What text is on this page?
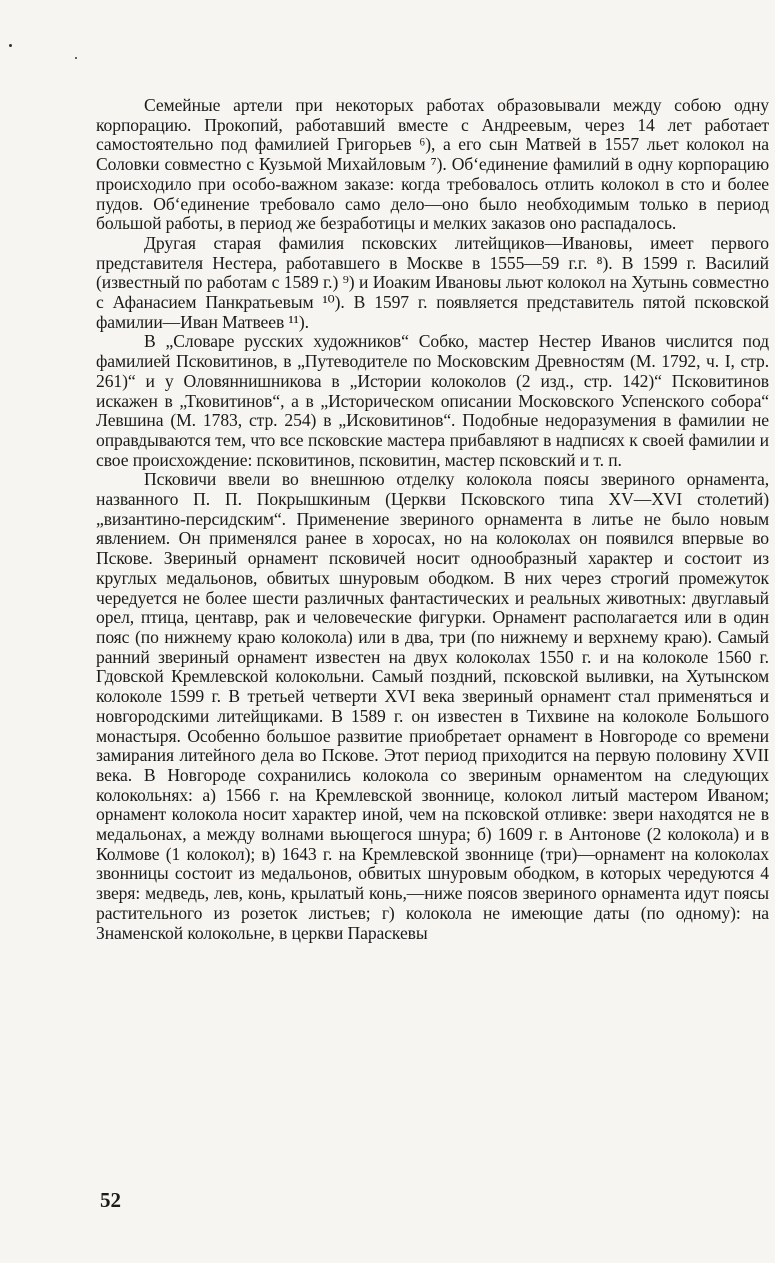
Семейные артели при некоторых работах образовывали между собою одну корпорацию. Прокопий, работавший вместе с Андреевым, через 14 лет работает самостоятельно под фамилией Григорьев ⁶), а его сын Матвей в 1557 льет колокол на Соловки совместно с Кузьмой Михайловым ⁷). Об‘единение фамилий в одну корпорацию происходило при особо-важном заказе: когда требовалось отлить колокол в сто и более пудов. Об‘единение требовало само дело—оно было необходимым только в период большой работы, в период же безработицы и мелких заказов оно распадалось.

Другая старая фамилия псковских литейщиков—Ивановы, имеет первого представителя Нестера, работавшего в Москве в 1555—59 г.г. ⁸). В 1599 г. Василий (известный по работам с 1589 г.) ⁹) и Иоаким Ивановы льют колокол на Хутынь совместно с Афанасием Панкратьевым ¹⁰). В 1597 г. появляется представитель пятой псковской фамилии—Иван Матвеев ¹¹).

В „Словаре русских художников“ Собко, мастер Нестер Иванов числится под фамилией Псковитинов, в „Путеводителе по Московским Древностям (М. 1792, ч. I, стр. 261)“ и у Оловяннишникова в „Истории колоколов (2 изд., стр. 142)“ Псковитинов искажен в „Тковитинов“, а в „Историческом описании Московского Успенского собора“ Левшина (М. 1783, стр. 254) в „Исковитинов“. Подобные недоразумения в фамилии не оправдываются тем, что все псковские мастера прибавляют в надписях к своей фамилии и свое происхождение: псковитинов, псковитин, мастер псковский и т. п.

Псковичи ввели во внешнюю отделку колокола поясы звериного орнамента, названного П. П. Покрышкиным (Церкви Псковского типа XV—XVI столетий) „византино-персидским“. Применение звериного орнамента в литье не было новым явлением. Он применялся ранее в хоросах, но на колоколах он появился впервые во Пскове. Звериный орнамент псковичей носит однообразный характер и состоит из круглых медальонов, обвитых шнуровым ободком. В них через строгий промежуток чередуется не более шести различных фантастических и реальных животных: двуглавый орел, птица, центавр, рак и человеческие фигурки. Орнамент располагается или в один пояс (по нижнему краю колокола) или в два, три (по нижнему и верхнему краю). Самый ранний звериный орнамент известен на двух колоколах 1550 г. и на колоколе 1560 г. Гдовской Кремлевской колокольни. Самый поздний, псковской выливки, на Хутынском колоколе 1599 г. В третьей четверти XVI века звериный орнамент стал применяться и новгородскими литейщиками. В 1589 г. он известен в Тихвине на колоколе Большого монастыря. Особенно большое развитие приобретает орнамент в Новгороде со времени замирания литейного дела во Пскове. Этот период приходится на первую половину XVII века. В Новгороде сохранились колокола со звериным орнаментом на следующих колокольнях: а) 1566 г. на Кремлевской звоннице, колокол литый мастером Иваном; орнамент колокола носит характер иной, чем на псковской отливке: звери находятся не в медальонах, а между волнами вьющегося шнура; б) 1609 г. в Антонове (2 колокола) и в Колмове (1 колокол); в) 1643 г. на Кремлевской звоннице (три)—орнамент на колоколах звонницы состоит из медальонов, обвитых шнуровым ободком, в которых чередуются 4 зверя: медведь, лев, конь, крылатый конь,—ниже поясов звериного орнамента идут поясы растительного из розеток листьев; г) колокола не имеющие даты (по одному): на Знаменской колокольне, в церкви Параскевы

52
